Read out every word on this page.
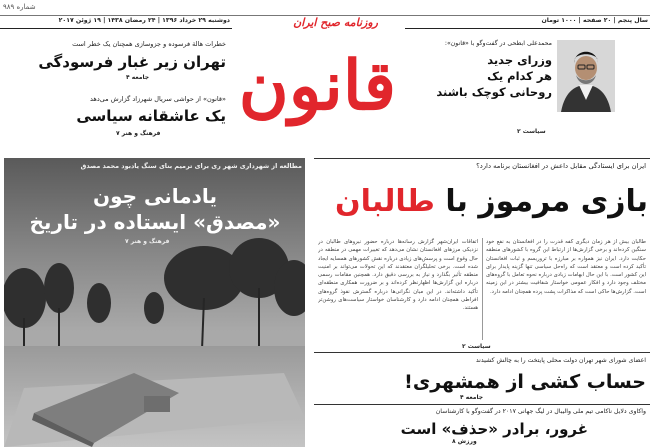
شماره ۹۸۹
دوشنبه ۲۹ خرداد ۱۳۹۶ | ۲۴ رمضان ۱۴۳۸ | ۱۹ ژوئن ۲۰۱۷	سال پنجم | ۲۰ صفحه | ۱۰۰۰ تومان
روزنامه صبح ایران
قانون
خطرات هالة فرسوده و جزوسازی همچنان یک خطر است
تهران زیر غبار فرسودگی
جامعه ۴
«قانون» از حواشی سریال شهرزاد گزارش می‌دهد
یک عاشقانه سیاسی
فرهنگ و هنر ۷
محمدعلی ابطحی در گفت‌وگو با «قانون»:
وزرای جدید
هر کدام یک
روحانی کوچک باشند
سیاست ۲
مطالعه از شهرداری شهر ری برای ترمیم بنای سنگ یادبود محمد مصدق
یادمانی چون
«مصدق» ایستاده در تاریخ
فرهنگ و هنر ۷
ایران برای ایستادگی مقابل داعش در افغانستان برنامه دارد؟
بازی مرموز با طالبان
اتفاقات ایران‌شهر گزارش رسانه‌ها درباره حضور نیروهای طالبان در نزدیکی مرزهای افغانستان نشان می‌دهد که تغییرات مهمی در منطقه در حال وقوع است و پرسش‌های زیادی درباره نقش کشورهای همسایه ایجاد شده است. برخی تحلیلگران معتقدند که این تحولات می‌تواند بر امنیت منطقه تأثیر بگذارد و نیاز به بررسی دقیق دارد. همچنین مقامات رسمی درباره این گزارش‌ها اظهارنظر کرده‌اند و بر ضرورت همکاری منطقه‌ای تأکید داشته‌اند. در این میان نگرانی‌ها درباره گسترش نفوذ گروه‌های افراطی همچنان ادامه دارد و کارشناسان خواستار سیاست‌های روشن‌تر هستند.
طالبان بیش از هر زمان دیگری کفه قدرت را در افغانستان به نفع خود سنگین کرده‌اند و برخی گزارش‌ها از ارتباط این گروه با کشورهای منطقه حکایت دارد. ایران نیز همواره بر مبارزه با تروریسم و ثبات افغانستان تأکید کرده است و معتقد است که راه‌حل سیاسی تنها گزینه پایدار برای این کشور است. با این حال ابهامات زیادی درباره نحوه تعامل با گروه‌های مختلف وجود دارد و افکار عمومی خواستار شفافیت بیشتر در این زمینه است. گزارش‌ها حاکی است که مذاکرات پشت پرده همچنان ادامه دارد.
سیاست ۲
اعضای شورای شهر تهران دولت محلی پایتخت را به چالش کشیدند
حساب کشی از همشهری!
جامعه ۴
واکاوی دلایل ناکامی تیم ملی والیبال در لیگ جهانی ۲۰۱۷ در گفت‌وگو با کارشناسان
غرور، برادر «حذف» است
ورزش ۸
